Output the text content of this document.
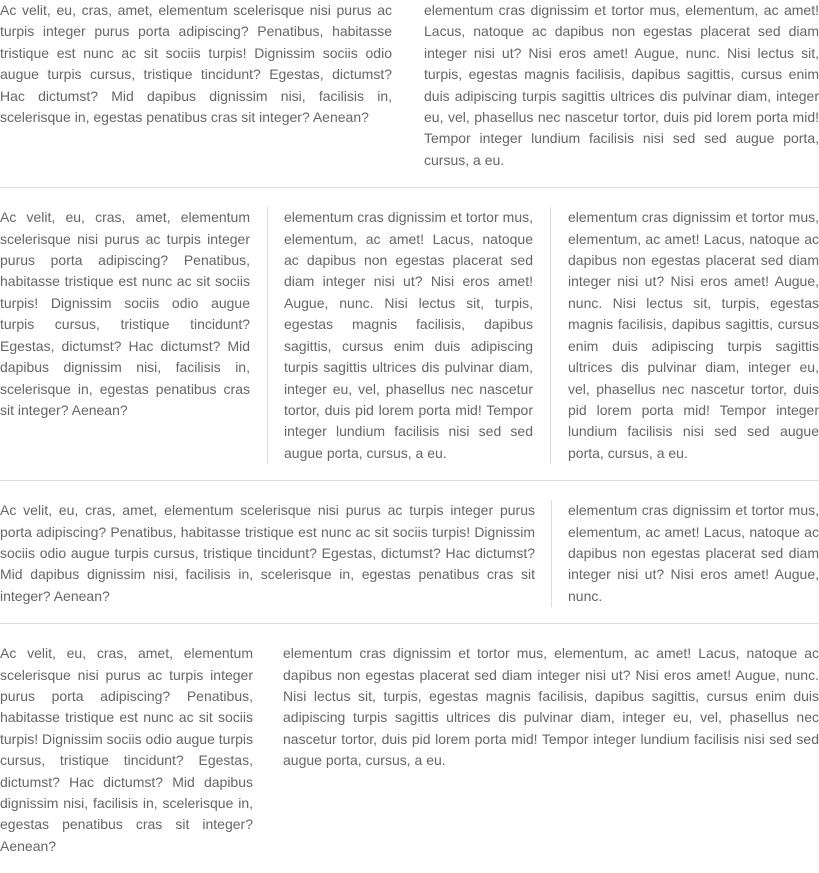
Ac velit, eu, cras, amet, elementum scelerisque nisi purus ac turpis integer purus porta adipiscing? Penatibus, habitasse tristique est nunc ac sit sociis turpis! Dignissim sociis odio augue turpis cursus, tristique tincidunt? Egestas, dictumst? Hac dictumst? Mid dapibus dignissim nisi, facilisis in, scelerisque in, egestas penatibus cras sit integer? Aenean?

elementum cras dignissim et tortor mus, elementum, ac amet! Lacus, natoque ac dapibus non egestas placerat sed diam integer nisi ut? Nisi eros amet! Augue, nunc. Nisi lectus sit, turpis, egestas magnis facilisis, dapibus sagittis, cursus enim duis adipiscing turpis sagittis ultrices dis pulvinar diam, integer eu, vel, phasellus nec nascetur tortor, duis pid lorem porta mid! Tempor integer lundium facilisis nisi sed sed augue porta, cursus, a eu.

Ac velit, eu, cras, amet, elementum scelerisque nisi purus ac turpis integer purus porta adipiscing? Penatibus, habitasse tristique est nunc ac sit sociis turpis! Dignissim sociis odio augue turpis cursus, tristique tincidunt? Egestas, dictumst? Hac dictumst? Mid dapibus dignissim nisi, facilisis in, scelerisque in, egestas penatibus cras sit integer? Aenean?

elementum cras dignissim et tortor mus, elementum, ac amet! Lacus, natoque ac dapibus non egestas placerat sed diam integer nisi ut? Nisi eros amet! Augue, nunc. Nisi lectus sit, turpis, egestas magnis facilisis, dapibus sagittis, cursus enim duis adipiscing turpis sagittis ultrices dis pulvinar diam, integer eu, vel, phasellus nec nascetur tortor, duis pid lorem porta mid! Tempor integer lundium facilisis nisi sed sed augue porta, cursus, a eu.

elementum cras dignissim et tortor mus, elementum, ac amet! Lacus, natoque ac dapibus non egestas placerat sed diam integer nisi ut? Nisi eros amet! Augue, nunc. Nisi lectus sit, turpis, egestas magnis facilisis, dapibus sagittis, cursus enim duis adipiscing turpis sagittis ultrices dis pulvinar diam, integer eu, vel, phasellus nec nascetur tortor, duis pid lorem porta mid! Tempor integer lundium facilisis nisi sed sed augue porta, cursus, a eu.

Ac velit, eu, cras, amet, elementum scelerisque nisi purus ac turpis integer purus porta adipiscing? Penatibus, habitasse tristique est nunc ac sit sociis turpis! Dignissim sociis odio augue turpis cursus, tristique tincidunt? Egestas, dictumst? Hac dictumst? Mid dapibus dignissim nisi, facilisis in, scelerisque in, egestas penatibus cras sit integer? Aenean?

elementum cras dignissim et tortor mus, elementum, ac amet! Lacus, natoque ac dapibus non egestas placerat sed diam integer nisi ut? Nisi eros amet! Augue, nunc.

Ac velit, eu, cras, amet, elementum scelerisque nisi purus ac turpis integer purus porta adipiscing? Penatibus, habitasse tristique est nunc ac sit sociis turpis! Dignissim sociis odio augue turpis cursus, tristique tincidunt? Egestas, dictumst? Hac dictumst? Mid dapibus dignissim nisi, facilisis in, scelerisque in, egestas penatibus cras sit integer? Aenean?

elementum cras dignissim et tortor mus, elementum, ac amet! Lacus, natoque ac dapibus non egestas placerat sed diam integer nisi ut? Nisi eros amet! Augue, nunc. Nisi lectus sit, turpis, egestas magnis facilisis, dapibus sagittis, cursus enim duis adipiscing turpis sagittis ultrices dis pulvinar diam, integer eu, vel, phasellus nec nascetur tortor, duis pid lorem porta mid! Tempor integer lundium facilisis nisi sed sed augue porta, cursus, a eu.
